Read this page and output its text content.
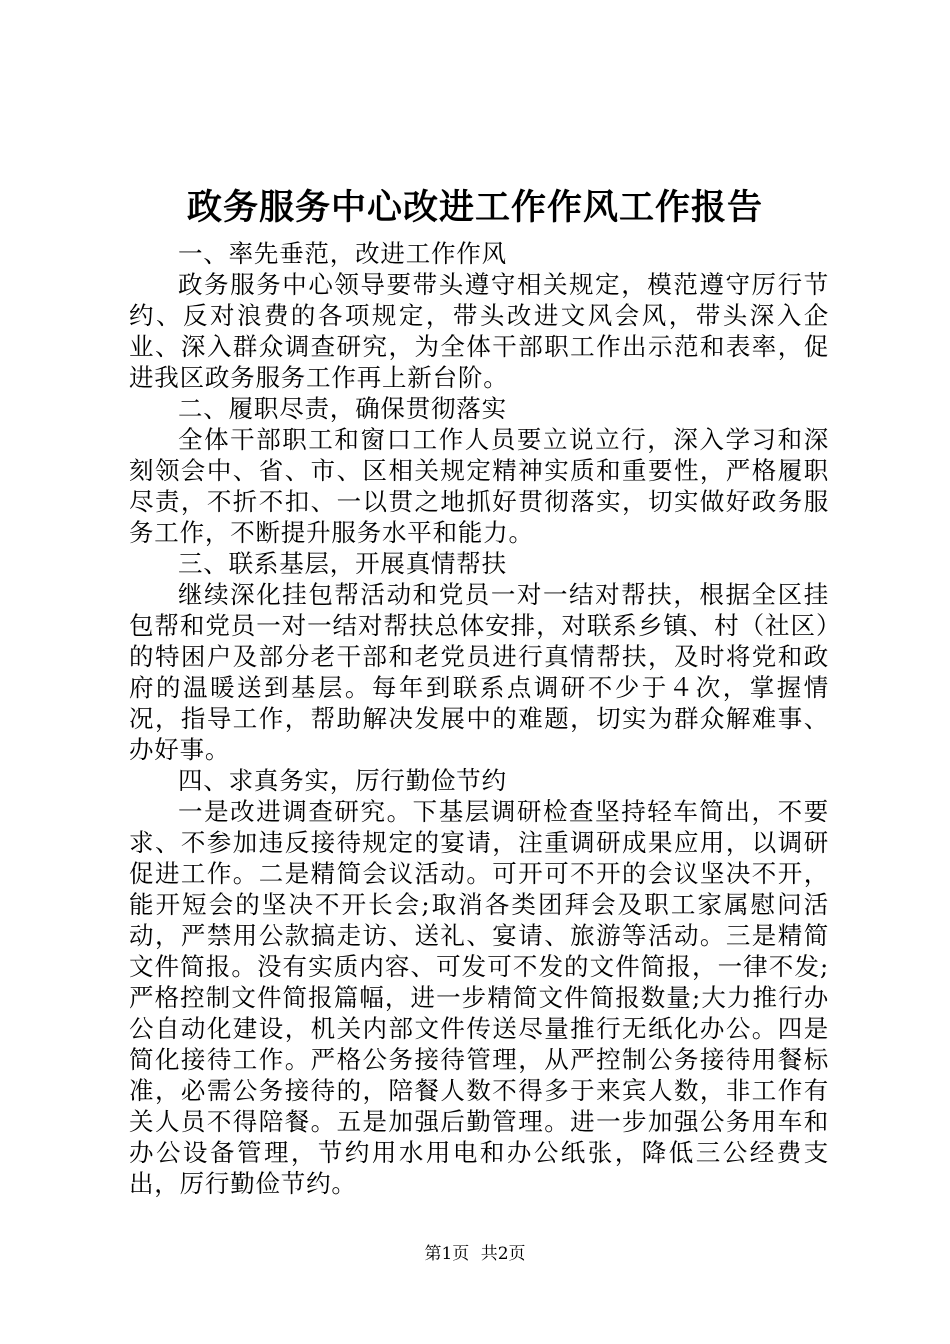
政务服务中心改进工作作风工作报告

一、率先垂范，改进工作作风

政务服务中心领导要带头遵守相关规定，模范遵守厉行节约、反对浪费的各项规定，带头改进文风会风，带头深入企业、深入群众调查研究，为全体干部职工作出示范和表率，促进我区政务服务工作再上新台阶。

二、履职尽责，确保贯彻落实

全体干部职工和窗口工作人员要立说立行，深入学习和深刻领会中、省、市、区相关规定精神实质和重要性，严格履职尽责，不折不扣、一以贯之地抓好贯彻落实，切实做好政务服务工作，不断提升服务水平和能力。

三、联系基层，开展真情帮扶

继续深化挂包帮活动和党员一对一结对帮扶，根据全区挂包帮和党员一对一结对帮扶总体安排，对联系乡镇、村（社区）的特困户及部分老干部和老党员进行真情帮扶，及时将党和政府的温暖送到基层。每年到联系点调研不少于４次，掌握情况，指导工作，帮助解决发展中的难题，切实为群众解难事、办好事。

四、求真务实，厉行勤俭节约

一是改进调查研究。下基层调研检查坚持轻车简出，不要求、不参加违反接待规定的宴请，注重调研成果应用，以调研促进工作。二是精简会议活动。可开可不开的会议坚决不开，能开短会的坚决不开长会;取消各类团拜会及职工家属慰问活动，严禁用公款搞走访、送礼、宴请、旅游等活动。三是精简文件简报。没有实质内容、可发可不发的文件简报，一律不发;严格控制文件简报篇幅，进一步精简文件简报数量;大力推行办公自动化建设，机关内部文件传送尽量推行无纸化办公。四是简化接待工作。严格公务接待管理，从严控制公务接待用餐标准，必需公务接待的，陪餐人数不得多于来宾人数，非工作有关人员不得陪餐。五是加强后勤管理。进一步加强公务用车和办公设备管理，节约用水用电和办公纸张，降低三公经费支出，厉行勤俭节约。

第1页 共2页
